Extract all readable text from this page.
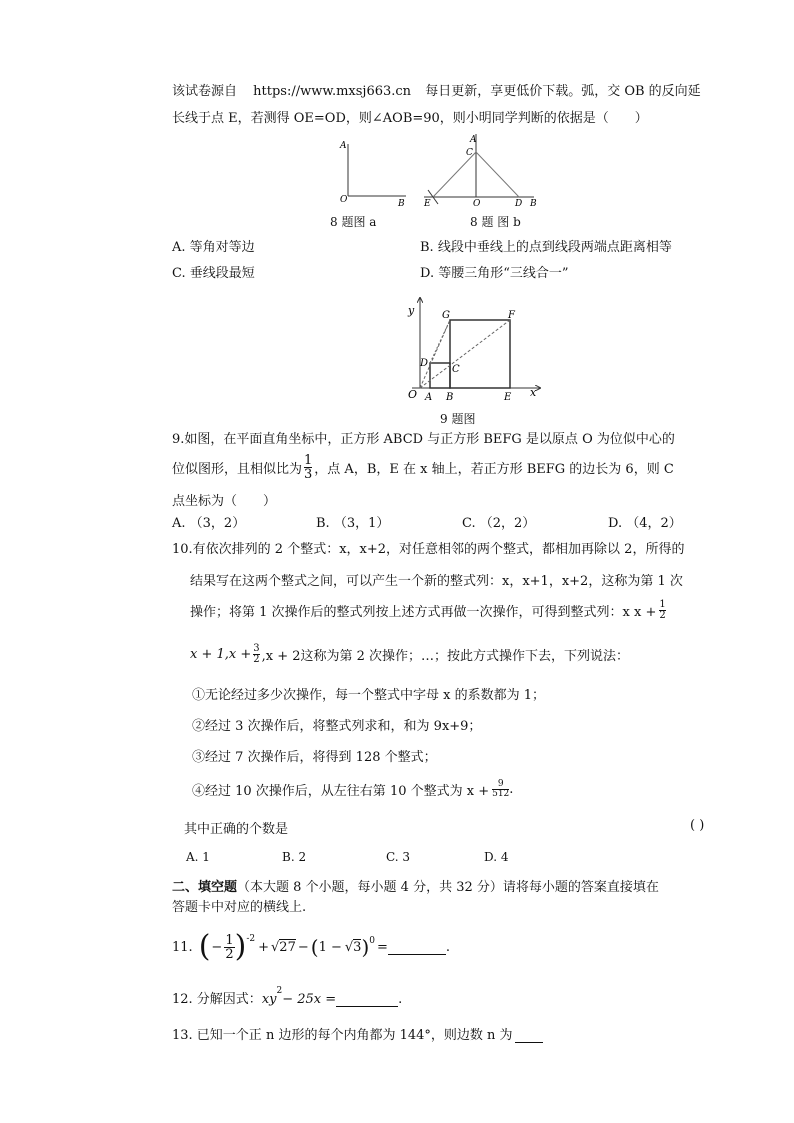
该试卷源自 https://www.mxsj663.cn 每日更新，享更低价下载。弧，交 OB 的反向延
长线于点 E，若测得 OE=OD，则∠AOB=90，则小明同学判断的依据是（　　）
A
O	B
8 题图 a
A
C
E	O	D B
8 题 图 b
A. 等角对等边	B. 线段中垂线上的点到线段两端点距离相等
C. 垂线段最短	D. 等腰三角形“三线合一”
y
x
O A B	E
D
C
G	F
9 题图
9.如图，在平面直角坐标中，正方形 ABCD 与正方形 BEFG 是以原点 O 为位似中心的
位似图形，且相似比为 $\frac{1}{3}$ ，点 A，B，E 在 x 轴上，若正方形 BEFG 的边长为 6，则 C
点坐标为（　　）
A. （3，2）	B. （3，1）	C. （2，2）	D. （4，2）
10.有依次排列的 2 个整式：x，x+2，对任意相邻的两个整式，都相加再除以 2，所得的
结果写在这两个整式之间，可以产生一个新的整式列：x，x+1，x+2，这称为第 1 次
操作；将第 1 次操作后的整式列按上述方式再做一次操作，可得到整式列：x $x + \frac{1}{2}$
$x + 1,x + \frac{3}{2} ,x + 2$这称为第 2 次操作；…；按此方式操作下去，下列说法：
①无论经过多少次操作，每一个整式中字母 x 的系数都为 1；
②经过 3 次操作后，将整式列求和，和为 9x+9；
③经过 7 次操作后，将得到 128 个整式；
④经过 10 次操作后，从左往右第 10 个整式为 $x + \frac{9}{512}$ .
其中正确的个数是	( )
A. 1	B. 2	C. 3	D. 4
二、填空题（本大题 8 个小题，每小题 4 分，共 32 分）请将每小题的答案直接填在
答题卡中对应的横线上.
11. ( − $\frac{1}{2}$ ) -2
+ √ 27 − ( 1 − √ 3 ) 0 =	.
12. 分解因式： xy
2
− 25x =	.
13. 已知一个正 n 边形的每个内角都为 144°，则边数 n 为
